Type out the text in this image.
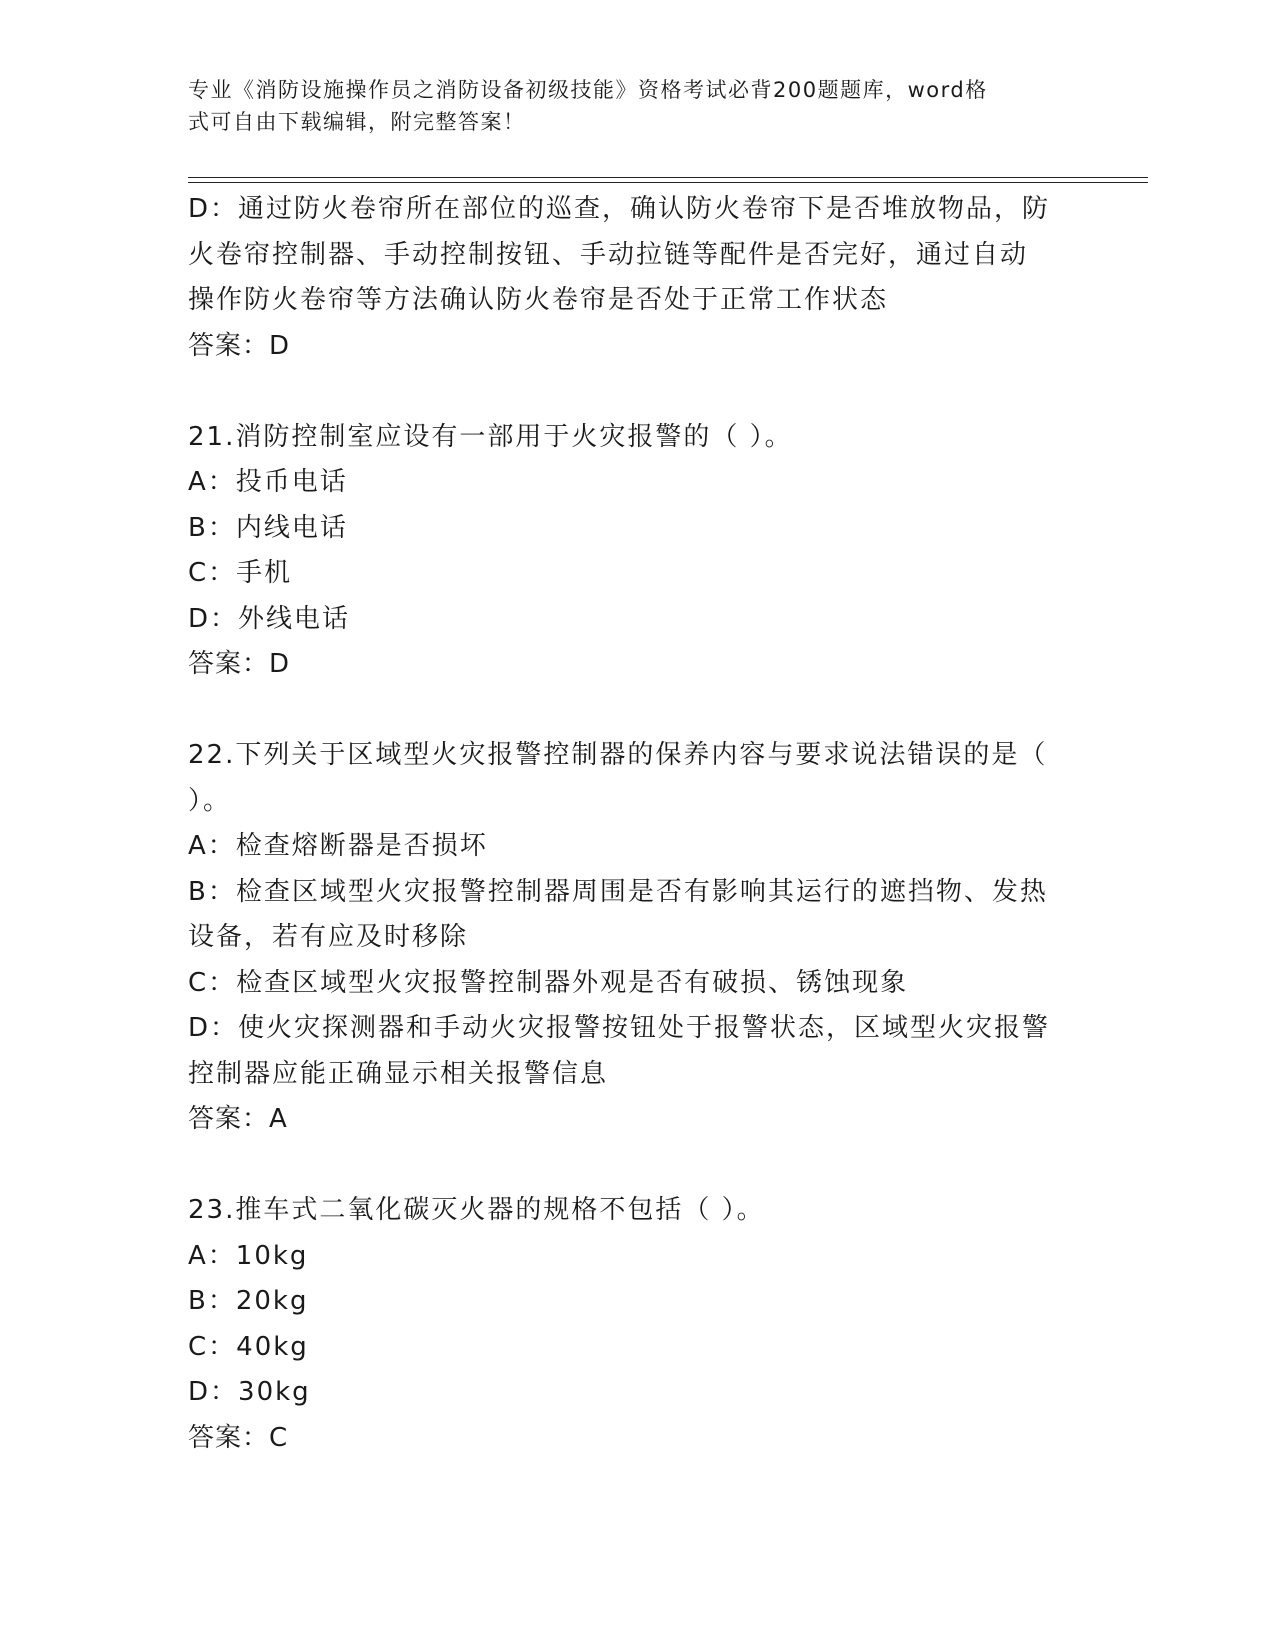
专业《消防设施操作员之消防设备初级技能》资格考试必背200题题库，word格
式可自由下载编辑，附完整答案！
D：通过防火卷帘所在部位的巡查，确认防火卷帘下是否堆放物品，防
火卷帘控制器、手动控制按钮、手动拉链等配件是否完好，通过自动
操作防火卷帘等方法确认防火卷帘是否处于正常工作状态
答案：D
21.消防控制室应设有一部用于火灾报警的（ ）。
A：投币电话
B：内线电话
C：手机
D：外线电话
答案：D
22.下列关于区域型火灾报警控制器的保养内容与要求说法错误的是（
）。
A：检查熔断器是否损坏
B：检查区域型火灾报警控制器周围是否有影响其运行的遮挡物、发热
设备，若有应及时移除
C：检查区域型火灾报警控制器外观是否有破损、锈蚀现象
D：使火灾探测器和手动火灾报警按钮处于报警状态，区域型火灾报警
控制器应能正确显示相关报警信息
答案：A
23.推车式二氧化碳灭火器的规格不包括（ ）。
A：10kg
B：20kg
C：40kg
D：30kg
答案：C
